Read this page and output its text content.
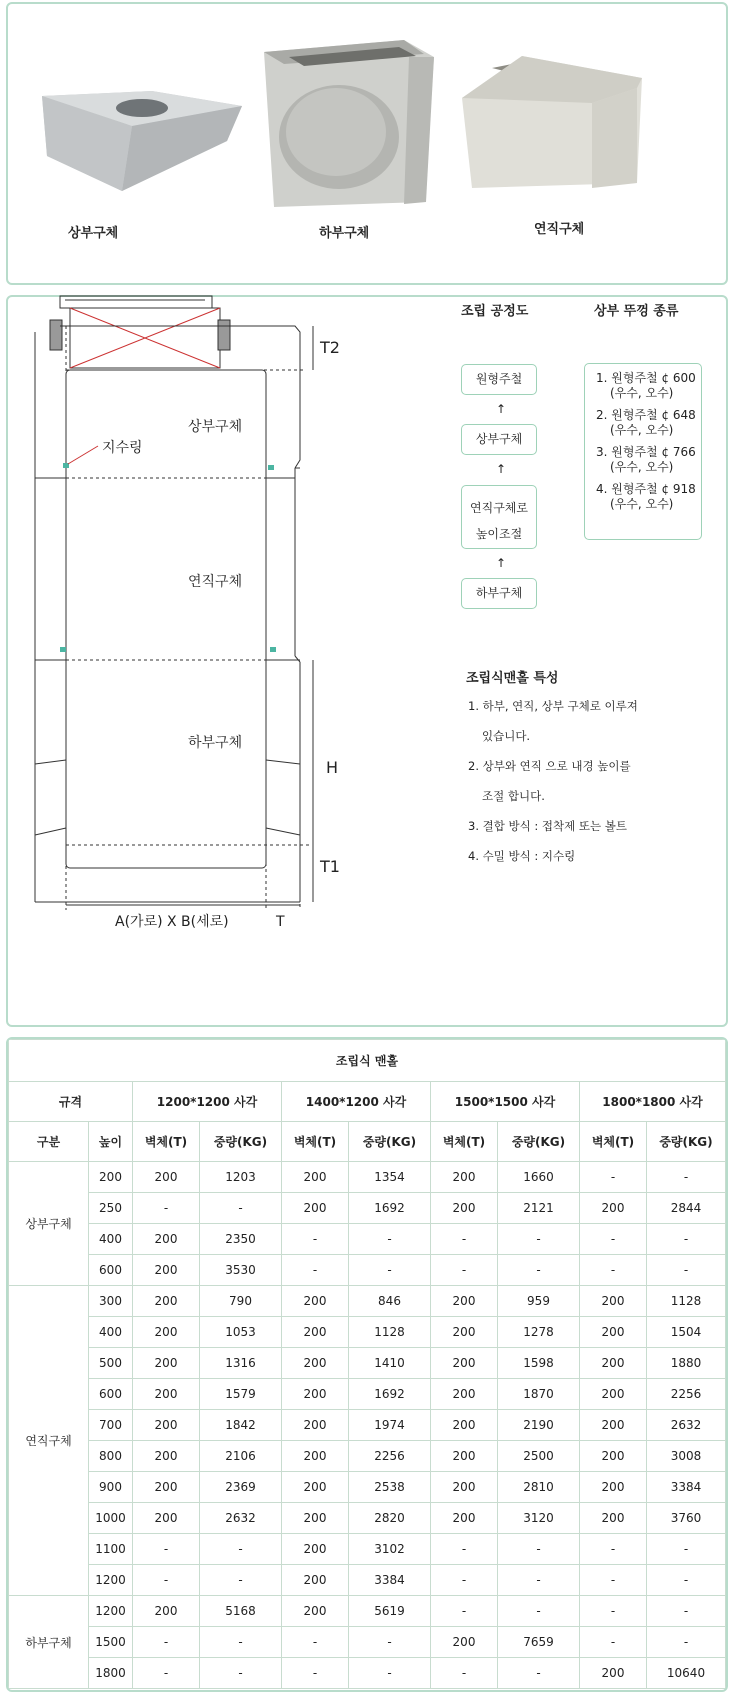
상부구체	하부구체	연직구체
상부구체
연직구체
하부구체
지수링
T2
H
T1
A(가로) X B(세로)	T
조립 공정도	상부 뚜껑 종류
원형주철
↑
상부구체
↑
연직구체로
높이조절
↑
하부구체
1. 원형주철 ¢ 600
(우수, 오수)
2. 원형주철 ¢ 648
(우수, 오수)
3. 원형주철 ¢ 766
(우수, 오수)
4. 원형주철 ¢ 918
(우수, 오수)
조립식맨홀 특성
1. 하부, 연직, 상부 구체로 이루져
있습니다.
2. 상부와 연직 으로 내경 높이를
조절 합니다.
3. 결합 방식 : 접착제 또는 볼트
4. 수밀 방식 : 지수링
조립식 맨홀									
규격		1200*1200 사각		1400*1200 사각		1500*1500 사각		1800*1800 사각	
구분	높이	벽체(T)	중량(KG)	벽체(T)	중량(KG)	벽체(T)	중량(KG)	벽체(T)	중량(KG)
상부구체	200	200	1203	200	1354	200	1660	-	-
	250	-	-	200	1692	200	2121	200	2844
	400	200	2350	-	-	-	-	-	-
	600	200	3530	-	-	-	-	-	-
연직구체	300	200	790	200	846	200	959	200	1128
	400	200	1053	200	1128	200	1278	200	1504
	500	200	1316	200	1410	200	1598	200	1880
	600	200	1579	200	1692	200	1870	200	2256
	700	200	1842	200	1974	200	2190	200	2632
	800	200	2106	200	2256	200	2500	200	3008
	900	200	2369	200	2538	200	2810	200	3384
	1000	200	2632	200	2820	200	3120	200	3760
	1100	-	-	200	3102	-	-	-	-
	1200	-	-	200	3384	-	-	-	-
하부구체	1200	200	5168	200	5619	-	-	-	-
	1500	-	-	-	-	200	7659	-	-
	1800	-	-	-	-	-	-	200	10640
